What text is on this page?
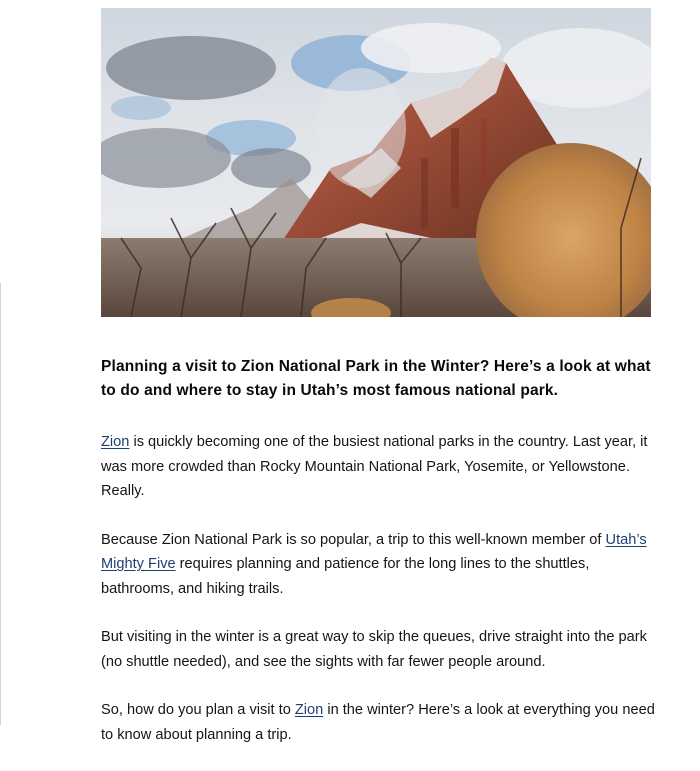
Planning a visit to Zion National Park in the Winter? Here’s a look at what to do and where to stay in Utah’s most famous national park.

Zion is quickly becoming one of the busiest national parks in the country. Last year, it was more crowded than Rocky Mountain National Park, Yosemite, or Yellowstone. Really.

Because Zion National Park is so popular, a trip to this well-known member of Utah’s Mighty Five requires planning and patience for the long lines to the shuttles, bathrooms, and hiking trails.

But visiting in the winter is a great way to skip the queues, drive straight into the park (no shuttle needed), and see the sights with far fewer people around.

So, how do you plan a visit to Zion in the winter? Here’s a look at everything you need to know about planning a trip.
